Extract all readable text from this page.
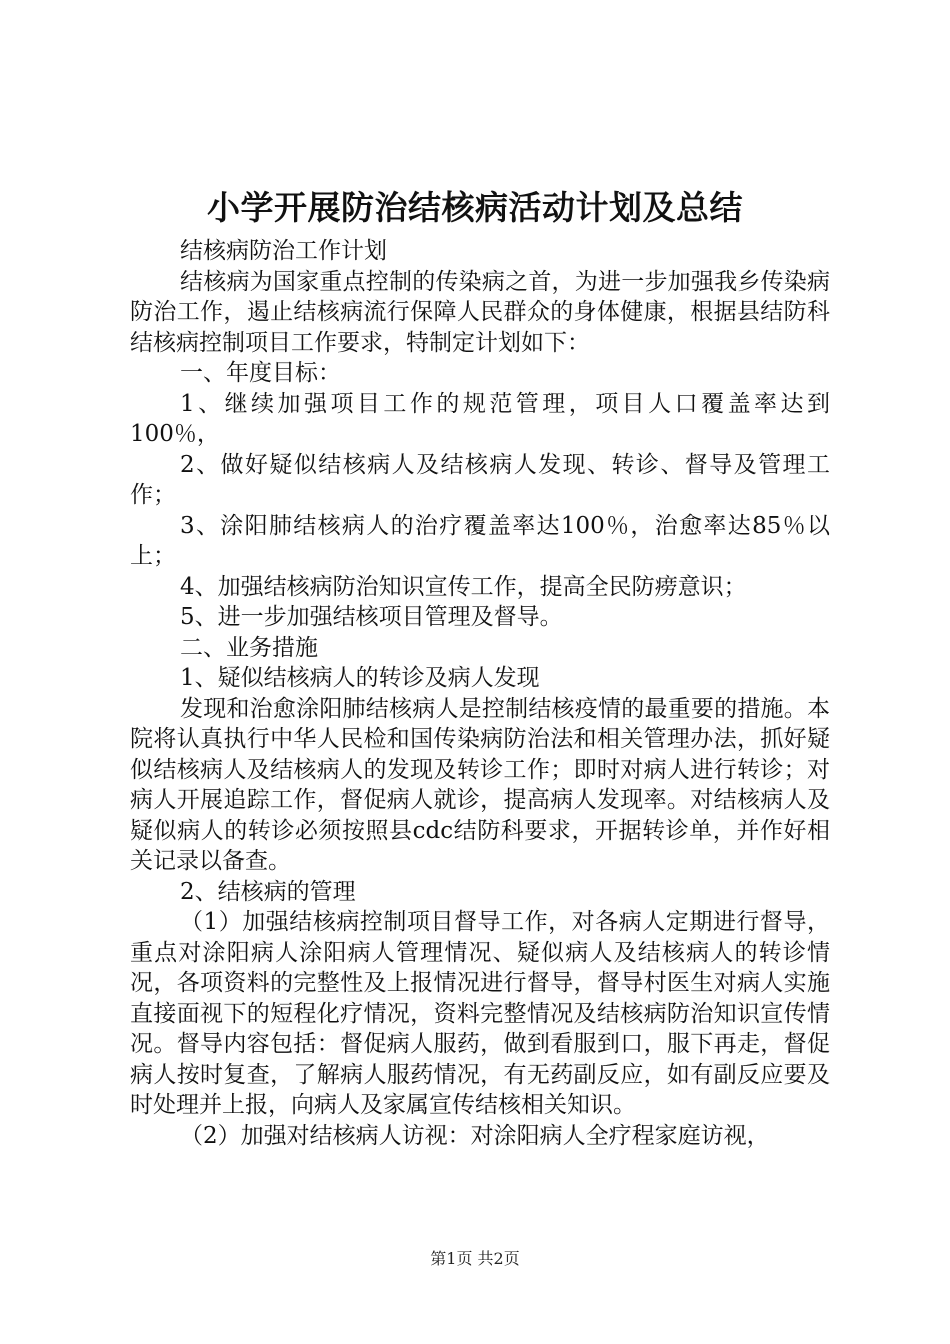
小学开展防治结核病活动计划及总结

结核病防治工作计划

结核病为国家重点控制的传染病之首，为进一步加强我乡传染病防治工作，遏止结核病流行保障人民群众的身体健康，根据县结防科结核病控制项目工作要求，特制定计划如下：

一、年度目标：

1、继续加强项目工作的规范管理，项目人口覆盖率达到100％，

2、做好疑似结核病人及结核病人发现、转诊、督导及管理工作；

3、涂阳肺结核病人的治疗覆盖率达100％，治愈率达85％以上；

4、加强结核病防治知识宣传工作，提高全民防痨意识；

5、进一步加强结核项目管理及督导。

二、业务措施

1、疑似结核病人的转诊及病人发现

发现和治愈涂阳肺结核病人是控制结核疫情的最重要的措施。本院将认真执行中华人民检和国传染病防治法和相关管理办法，抓好疑似结核病人及结核病人的发现及转诊工作；即时对病人进行转诊；对病人开展追踪工作，督促病人就诊，提高病人发现率。对结核病人及疑似病人的转诊必须按照县cdc结防科要求，开据转诊单，并作好相关记录以备查。

2、结核病的管理

（1）加强结核病控制项目督导工作，对各病人定期进行督导，重点对涂阳病人涂阳病人管理情况、疑似病人及结核病人的转诊情况，各项资料的完整性及上报情况进行督导，督导村医生对病人实施直接面视下的短程化疗情况，资料完整情况及结核病防治知识宣传情况。督导内容包括：督促病人服药，做到看服到口，服下再走，督促病人按时复查，了解病人服药情况，有无药副反应，如有副反应要及时处理并上报，向病人及家属宣传结核相关知识。

（2）加强对结核病人访视：对涂阳病人全疗程家庭访视，

第1页 共2页
